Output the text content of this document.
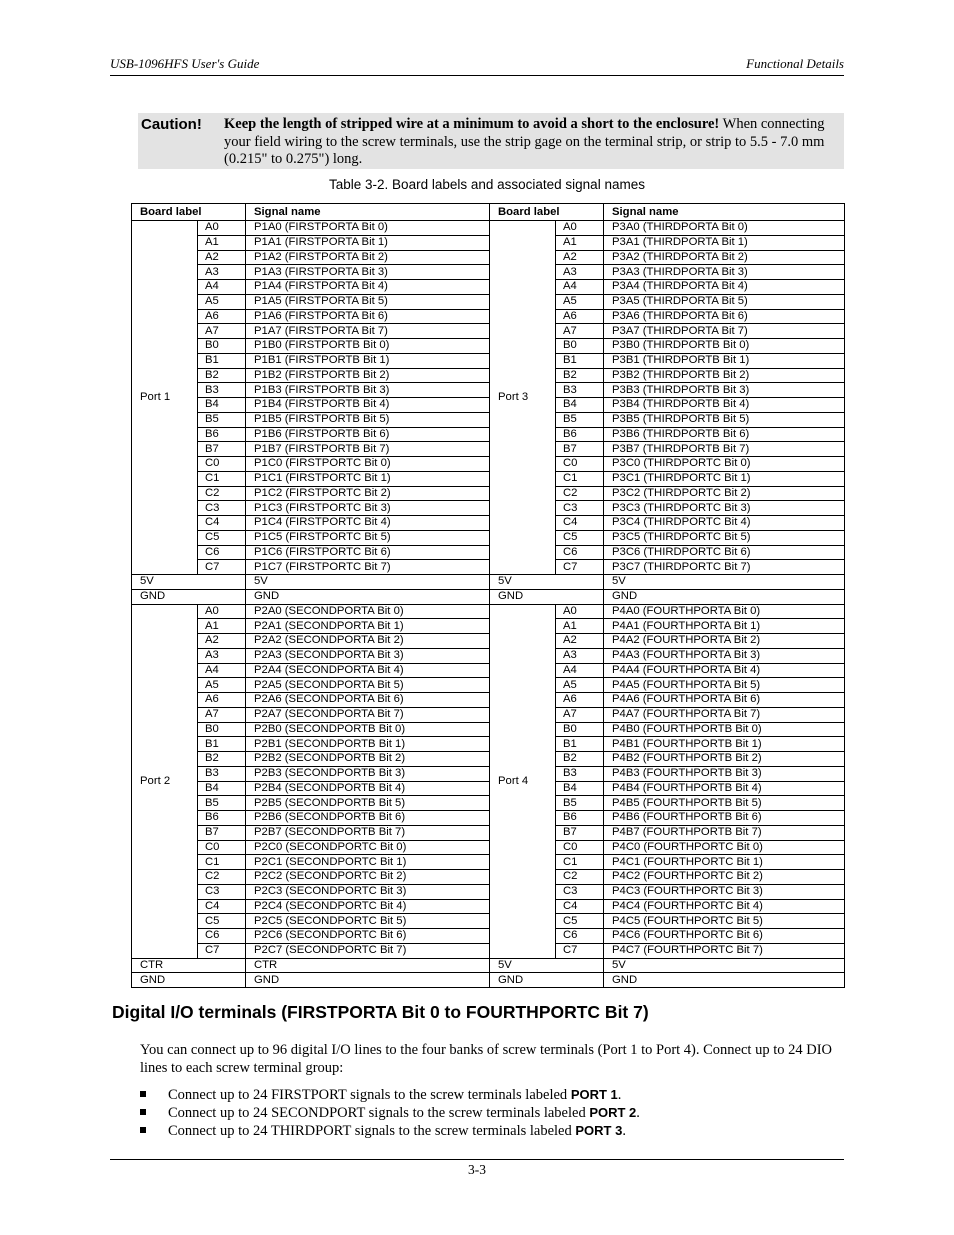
USB-1096HFS User's Guide	Functional Details
Caution! Keep the length of stripped wire at a minimum to avoid a short to the enclosure! When connecting your field wiring to the screw terminals, use the strip gage on the terminal strip, or strip to 5.5 - 7.0 mm (0.215" to 0.275") long.
Table 3-2. Board labels and associated signal names
Board label		Signal name	Board label		Signal name
Port 1	A0	P1A0 (FIRSTPORTA Bit 0)	Port 3	A0	P3A0 (THIRDPORTA Bit 0)
	A1	P1A1 (FIRSTPORTA Bit 1)		A1	P3A1 (THIRDPORTA Bit 1)
	A2	P1A2 (FIRSTPORTA Bit 2)		A2	P3A2 (THIRDPORTA Bit 2)
	A3	P1A3 (FIRSTPORTA Bit 3)		A3	P3A3 (THIRDPORTA Bit 3)
	A4	P1A4 (FIRSTPORTA Bit 4)		A4	P3A4 (THIRDPORTA Bit 4)
	A5	P1A5 (FIRSTPORTA Bit 5)		A5	P3A5 (THIRDPORTA Bit 5)
	A6	P1A6 (FIRSTPORTA Bit 6)		A6	P3A6 (THIRDPORTA Bit 6)
	A7	P1A7 (FIRSTPORTA Bit 7)		A7	P3A7 (THIRDPORTA Bit 7)
	B0	P1B0 (FIRSTPORTB Bit 0)		B0	P3B0 (THIRDPORTB Bit 0)
	B1	P1B1 (FIRSTPORTB Bit 1)		B1	P3B1 (THIRDPORTB Bit 1)
	B2	P1B2 (FIRSTPORTB Bit 2)		B2	P3B2 (THIRDPORTB Bit 2)
	B3	P1B3 (FIRSTPORTB Bit 3)		B3	P3B3 (THIRDPORTB Bit 3)
	B4	P1B4 (FIRSTPORTB Bit 4)		B4	P3B4 (THIRDPORTB Bit 4)
	B5	P1B5 (FIRSTPORTB Bit 5)		B5	P3B5 (THIRDPORTB Bit 5)
	B6	P1B6 (FIRSTPORTB Bit 6)		B6	P3B6 (THIRDPORTB Bit 6)
	B7	P1B7 (FIRSTPORTB Bit 7)		B7	P3B7 (THIRDPORTB Bit 7)
	C0	P1C0 (FIRSTPORTC Bit 0)		C0	P3C0 (THIRDPORTC Bit 0)
	C1	P1C1 (FIRSTPORTC Bit 1)		C1	P3C1 (THIRDPORTC Bit 1)
	C2	P1C2 (FIRSTPORTC Bit 2)		C2	P3C2 (THIRDPORTC Bit 2)
	C3	P1C3 (FIRSTPORTC Bit 3)		C3	P3C3 (THIRDPORTC Bit 3)
	C4	P1C4 (FIRSTPORTC Bit 4)		C4	P3C4 (THIRDPORTC Bit 4)
	C5	P1C5 (FIRSTPORTC Bit 5)		C5	P3C5 (THIRDPORTC Bit 5)
	C6	P1C6 (FIRSTPORTC Bit 6)		C6	P3C6 (THIRDPORTC Bit 6)
	C7	P1C7 (FIRSTPORTC Bit 7)		C7	P3C7 (THIRDPORTC Bit 7)
5V		5V	5V		5V
GND		GND	GND		GND
Port 2	A0	P2A0 (SECONDPORTA Bit 0)	Port 4	A0	P4A0 (FOURTHPORTA Bit 0)
	A1	P2A1 (SECONDPORTA Bit 1)		A1	P4A1 (FOURTHPORTA Bit 1)
	A2	P2A2 (SECONDPORTA Bit 2)		A2	P4A2 (FOURTHPORTA Bit 2)
	A3	P2A3 (SECONDPORTA Bit 3)		A3	P4A3 (FOURTHPORTA Bit 3)
	A4	P2A4 (SECONDPORTA Bit 4)		A4	P4A4 (FOURTHPORTA Bit 4)
	A5	P2A5 (SECONDPORTA Bit 5)		A5	P4A5 (FOURTHPORTA Bit 5)
	A6	P2A6 (SECONDPORTA Bit 6)		A6	P4A6 (FOURTHPORTA Bit 6)
	A7	P2A7 (SECONDPORTA Bit 7)		A7	P4A7 (FOURTHPORTA Bit 7)
	B0	P2B0 (SECONDPORTB Bit 0)		B0	P4B0 (FOURTHPORTB Bit 0)
	B1	P2B1 (SECONDPORTB Bit 1)		B1	P4B1 (FOURTHPORTB Bit 1)
	B2	P2B2 (SECONDPORTB Bit 2)		B2	P4B2 (FOURTHPORTB Bit 2)
	B3	P2B3 (SECONDPORTB Bit 3)		B3	P4B3 (FOURTHPORTB Bit 3)
	B4	P2B4 (SECONDPORTB Bit 4)		B4	P4B4 (FOURTHPORTB Bit 4)
	B5	P2B5 (SECONDPORTB Bit 5)		B5	P4B5 (FOURTHPORTB Bit 5)
	B6	P2B6 (SECONDPORTB Bit 6)		B6	P4B6 (FOURTHPORTB Bit 6)
	B7	P2B7 (SECONDPORTB Bit 7)		B7	P4B7 (FOURTHPORTB Bit 7)
	C0	P2C0 (SECONDPORTC Bit 0)		C0	P4C0 (FOURTHPORTC Bit 0)
	C1	P2C1 (SECONDPORTC Bit 1)		C1	P4C1 (FOURTHPORTC Bit 1)
	C2	P2C2 (SECONDPORTC Bit 2)		C2	P4C2 (FOURTHPORTC Bit 2)
	C3	P2C3 (SECONDPORTC Bit 3)		C3	P4C3 (FOURTHPORTC Bit 3)
	C4	P2C4 (SECONDPORTC Bit 4)		C4	P4C4 (FOURTHPORTC Bit 4)
	C5	P2C5 (SECONDPORTC Bit 5)		C5	P4C5 (FOURTHPORTC Bit 5)
	C6	P2C6 (SECONDPORTC Bit 6)		C6	P4C6 (FOURTHPORTC Bit 6)
	C7	P2C7 (SECONDPORTC Bit 7)		C7	P4C7 (FOURTHPORTC Bit 7)
CTR		CTR	5V		5V
GND		GND	GND		GND
Digital I/O terminals (FIRSTPORTA Bit 0 to FOURTHPORTC Bit 7)
You can connect up to 96 digital I/O lines to the four banks of screw terminals (Port 1 to Port 4). Connect up to 24 DIO lines to each screw terminal group:
Connect up to 24 FIRSTPORT signals to the screw terminals labeled PORT 1.
Connect up to 24 SECONDPORT signals to the screw terminals labeled PORT 2.
Connect up to 24 THIRDPORT signals to the screw terminals labeled PORT 3.
3-3
